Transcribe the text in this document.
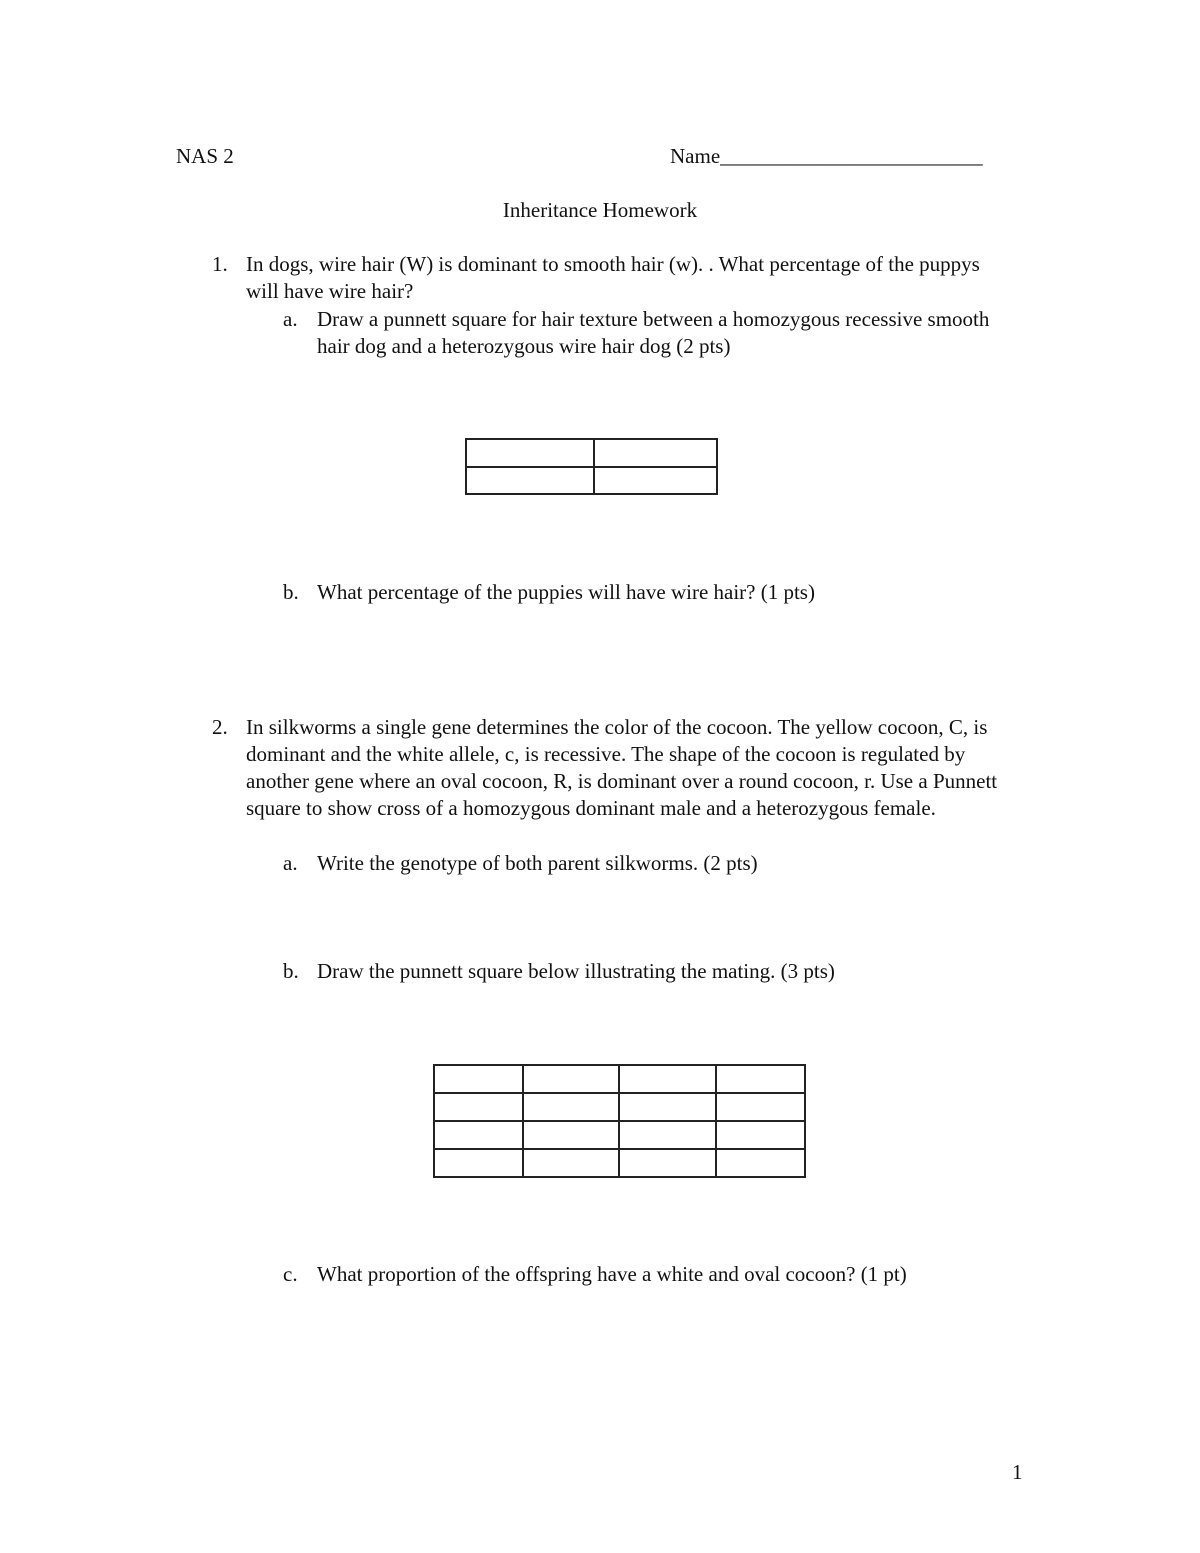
NAS 2	Name_________________________
Inheritance Homework
1. In dogs, wire hair (W) is dominant to smooth hair (w). . What percentage of the puppys will have wire hair?
a. Draw a punnett square for hair texture between a homozygous recessive smooth hair dog and a heterozygous wire hair dog (2 pts)

b. What percentage of the puppies will have wire hair? (1 pts)
2. In silkworms a single gene determines the color of the cocoon. The yellow cocoon, C, is dominant and the white allele, c, is recessive. The shape of the cocoon is regulated by another gene where an oval cocoon, R, is dominant over a round cocoon, r. Use a Punnett square to show cross of a homozygous dominant male and a heterozygous female.
a. Write the genotype of both parent silkworms. (2 pts)
b. Draw the punnett square below illustrating the mating. (3 pts)

c. What proportion of the offspring have a white and oval cocoon? (1 pt)
1
